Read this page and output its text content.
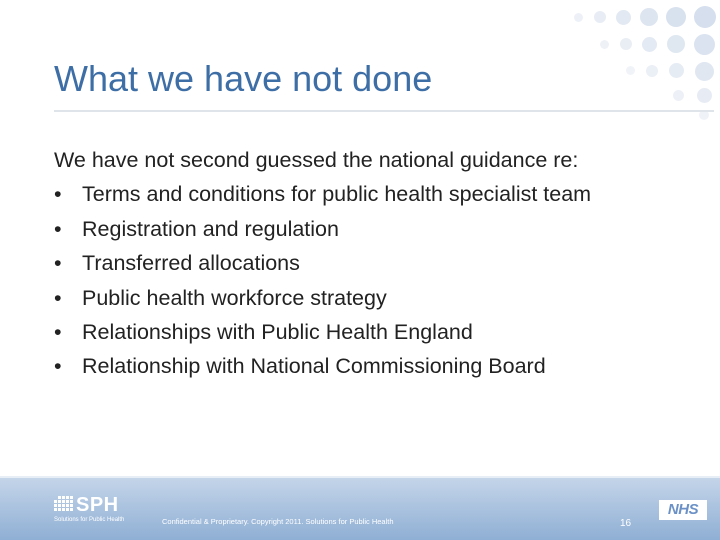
What we have not done
We have not second guessed the national guidance re:
• Terms and conditions for public health specialist team
• Registration and regulation
• Transferred allocations
• Public health workforce strategy
• Relationships with Public Health England
• Relationship with National Commissioning Board
SPH
Solutions for Public Health	Confidential & Proprietary. Copyright 2011. Solutions for Public Health	16
NHS
